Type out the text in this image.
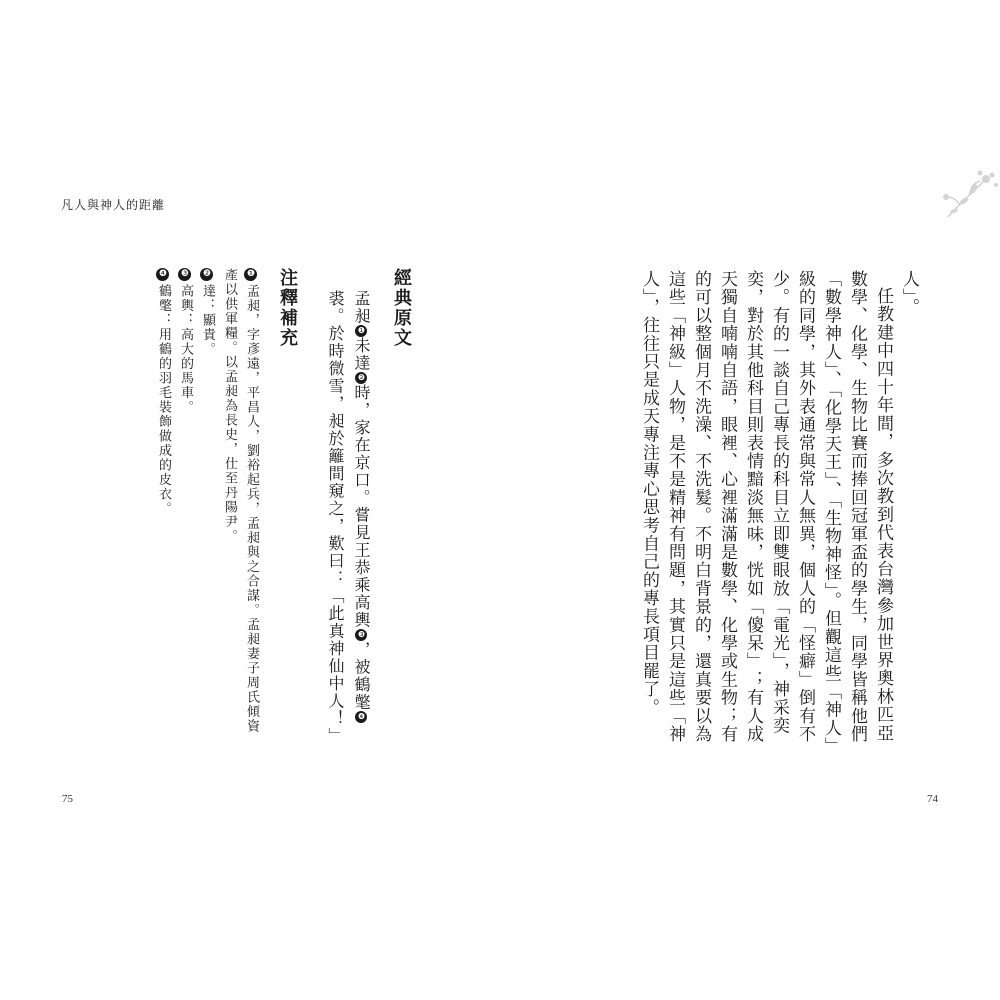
凡人與神人的距離
經典原文

孟昶❶未達❷時，家在京口。嘗見王恭乘高輿❸，被鶴氅❹裘。於時微雪，昶於籬間窺之，歎曰：「此真神仙中人！」

注釋補充

❶孟昶，字彥遠，平昌人，劉裕起兵，孟昶與之合謀。孟昶妻子周氏傾資產以供軍糧。以孟昶為長史，仕至丹陽尹。

❷達：顯貴。

❸高輿：高大的馬車。

❹鶴氅：用鶴的羽毛裝飾做成的皮衣。

75

人」。

任教建中四十年間，多次教到代表台灣參加世界奧林匹亞數學、化學、生物比賽而捧回冠軍盃的學生，同學皆稱他們「數學神人」、「化學天王」、「生物神怪」。但觀這些「神人」級的同學，其外表通常與常人無異，個人的「怪癖」倒有不少。有的一談自己專長的科目立即雙眼放「電光」，神采奕奕，對於其他科目則表情黯淡無味，恍如「傻呆」；有人成天獨自喃喃自語，眼裡、心裡滿滿是數學、化學或生物；有的可以整個月不洗澡、不洗髮。不明白背景的，還真要以為這些「神級」人物，是不是精神有問題，其實只是這些「神人」，往往只是成天專注專心思考自己的專長項目罷了。

74
